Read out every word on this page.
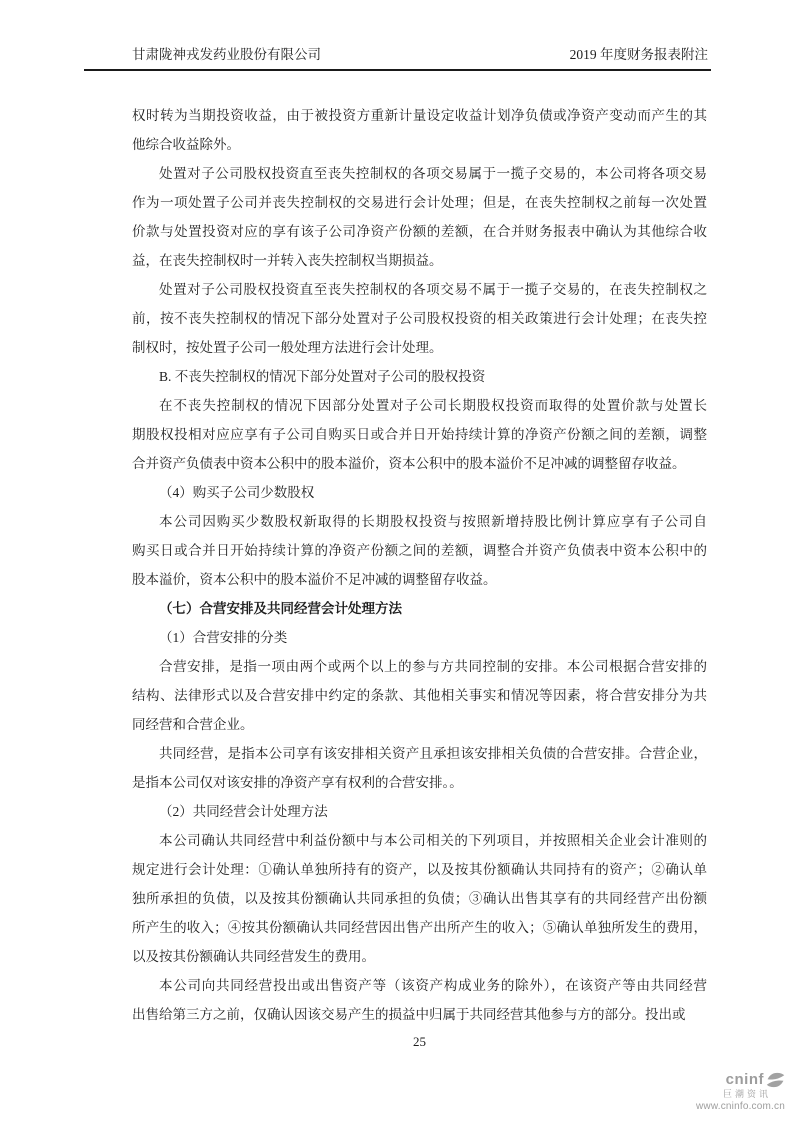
甘肃陇神戎发药业股份有限公司	2019 年度财务报表附注
权时转为当期投资收益，由于被投资方重新计量设定收益计划净负债或净资产变动而产生的其
他综合收益除外。
处置对子公司股权投资直至丧失控制权的各项交易属于一揽子交易的，本公司将各项交易
作为一项处置子公司并丧失控制权的交易进行会计处理；但是，在丧失控制权之前每一次处置
价款与处置投资对应的享有该子公司净资产份额的差额，在合并财务报表中确认为其他综合收
益，在丧失控制权时一并转入丧失控制权当期损益。
处置对子公司股权投资直至丧失控制权的各项交易不属于一揽子交易的，在丧失控制权之
前，按不丧失控制权的情况下部分处置对子公司股权投资的相关政策进行会计处理；在丧失控
制权时，按处置子公司一般处理方法进行会计处理。
B. 不丧失控制权的情况下部分处置对子公司的股权投资
在不丧失控制权的情况下因部分处置对子公司长期股权投资而取得的处置价款与处置长
期股权投相对应应享有子公司自购买日或合并日开始持续计算的净资产份额之间的差额，调整
合并资产负债表中资本公积中的股本溢价，资本公积中的股本溢价不足冲减的调整留存收益。
（4）购买子公司少数股权
本公司因购买少数股权新取得的长期股权投资与按照新增持股比例计算应享有子公司自
购买日或合并日开始持续计算的净资产份额之间的差额，调整合并资产负债表中资本公积中的
股本溢价，资本公积中的股本溢价不足冲减的调整留存收益。
（七）合营安排及共同经营会计处理方法
（1）合营安排的分类
合营安排，是指一项由两个或两个以上的参与方共同控制的安排。本公司根据合营安排的
结构、法律形式以及合营安排中约定的条款、其他相关事实和情况等因素，将合营安排分为共
同经营和合营企业。
共同经营，是指本公司享有该安排相关资产且承担该安排相关负债的合营安排。合营企业，
是指本公司仅对该安排的净资产享有权利的合营安排。。
（2）共同经营会计处理方法
本公司确认共同经营中利益份额中与本公司相关的下列项目，并按照相关企业会计准则的
规定进行会计处理：①确认单独所持有的资产，以及按其份额确认共同持有的资产；②确认单
独所承担的负债，以及按其份额确认共同承担的负债；③确认出售其享有的共同经营产出份额
所产生的收入；④按其份额确认共同经营因出售产出所产生的收入；⑤确认单独所发生的费用，
以及按其份额确认共同经营发生的费用。
本公司向共同经营投出或出售资产等（该资产构成业务的除外），在该资产等由共同经营
出售给第三方之前，仅确认因该交易产生的损益中归属于共同经营其他参与方的部分。投出或
25
cninf
巨潮资讯
www.cninfo.com.cn
